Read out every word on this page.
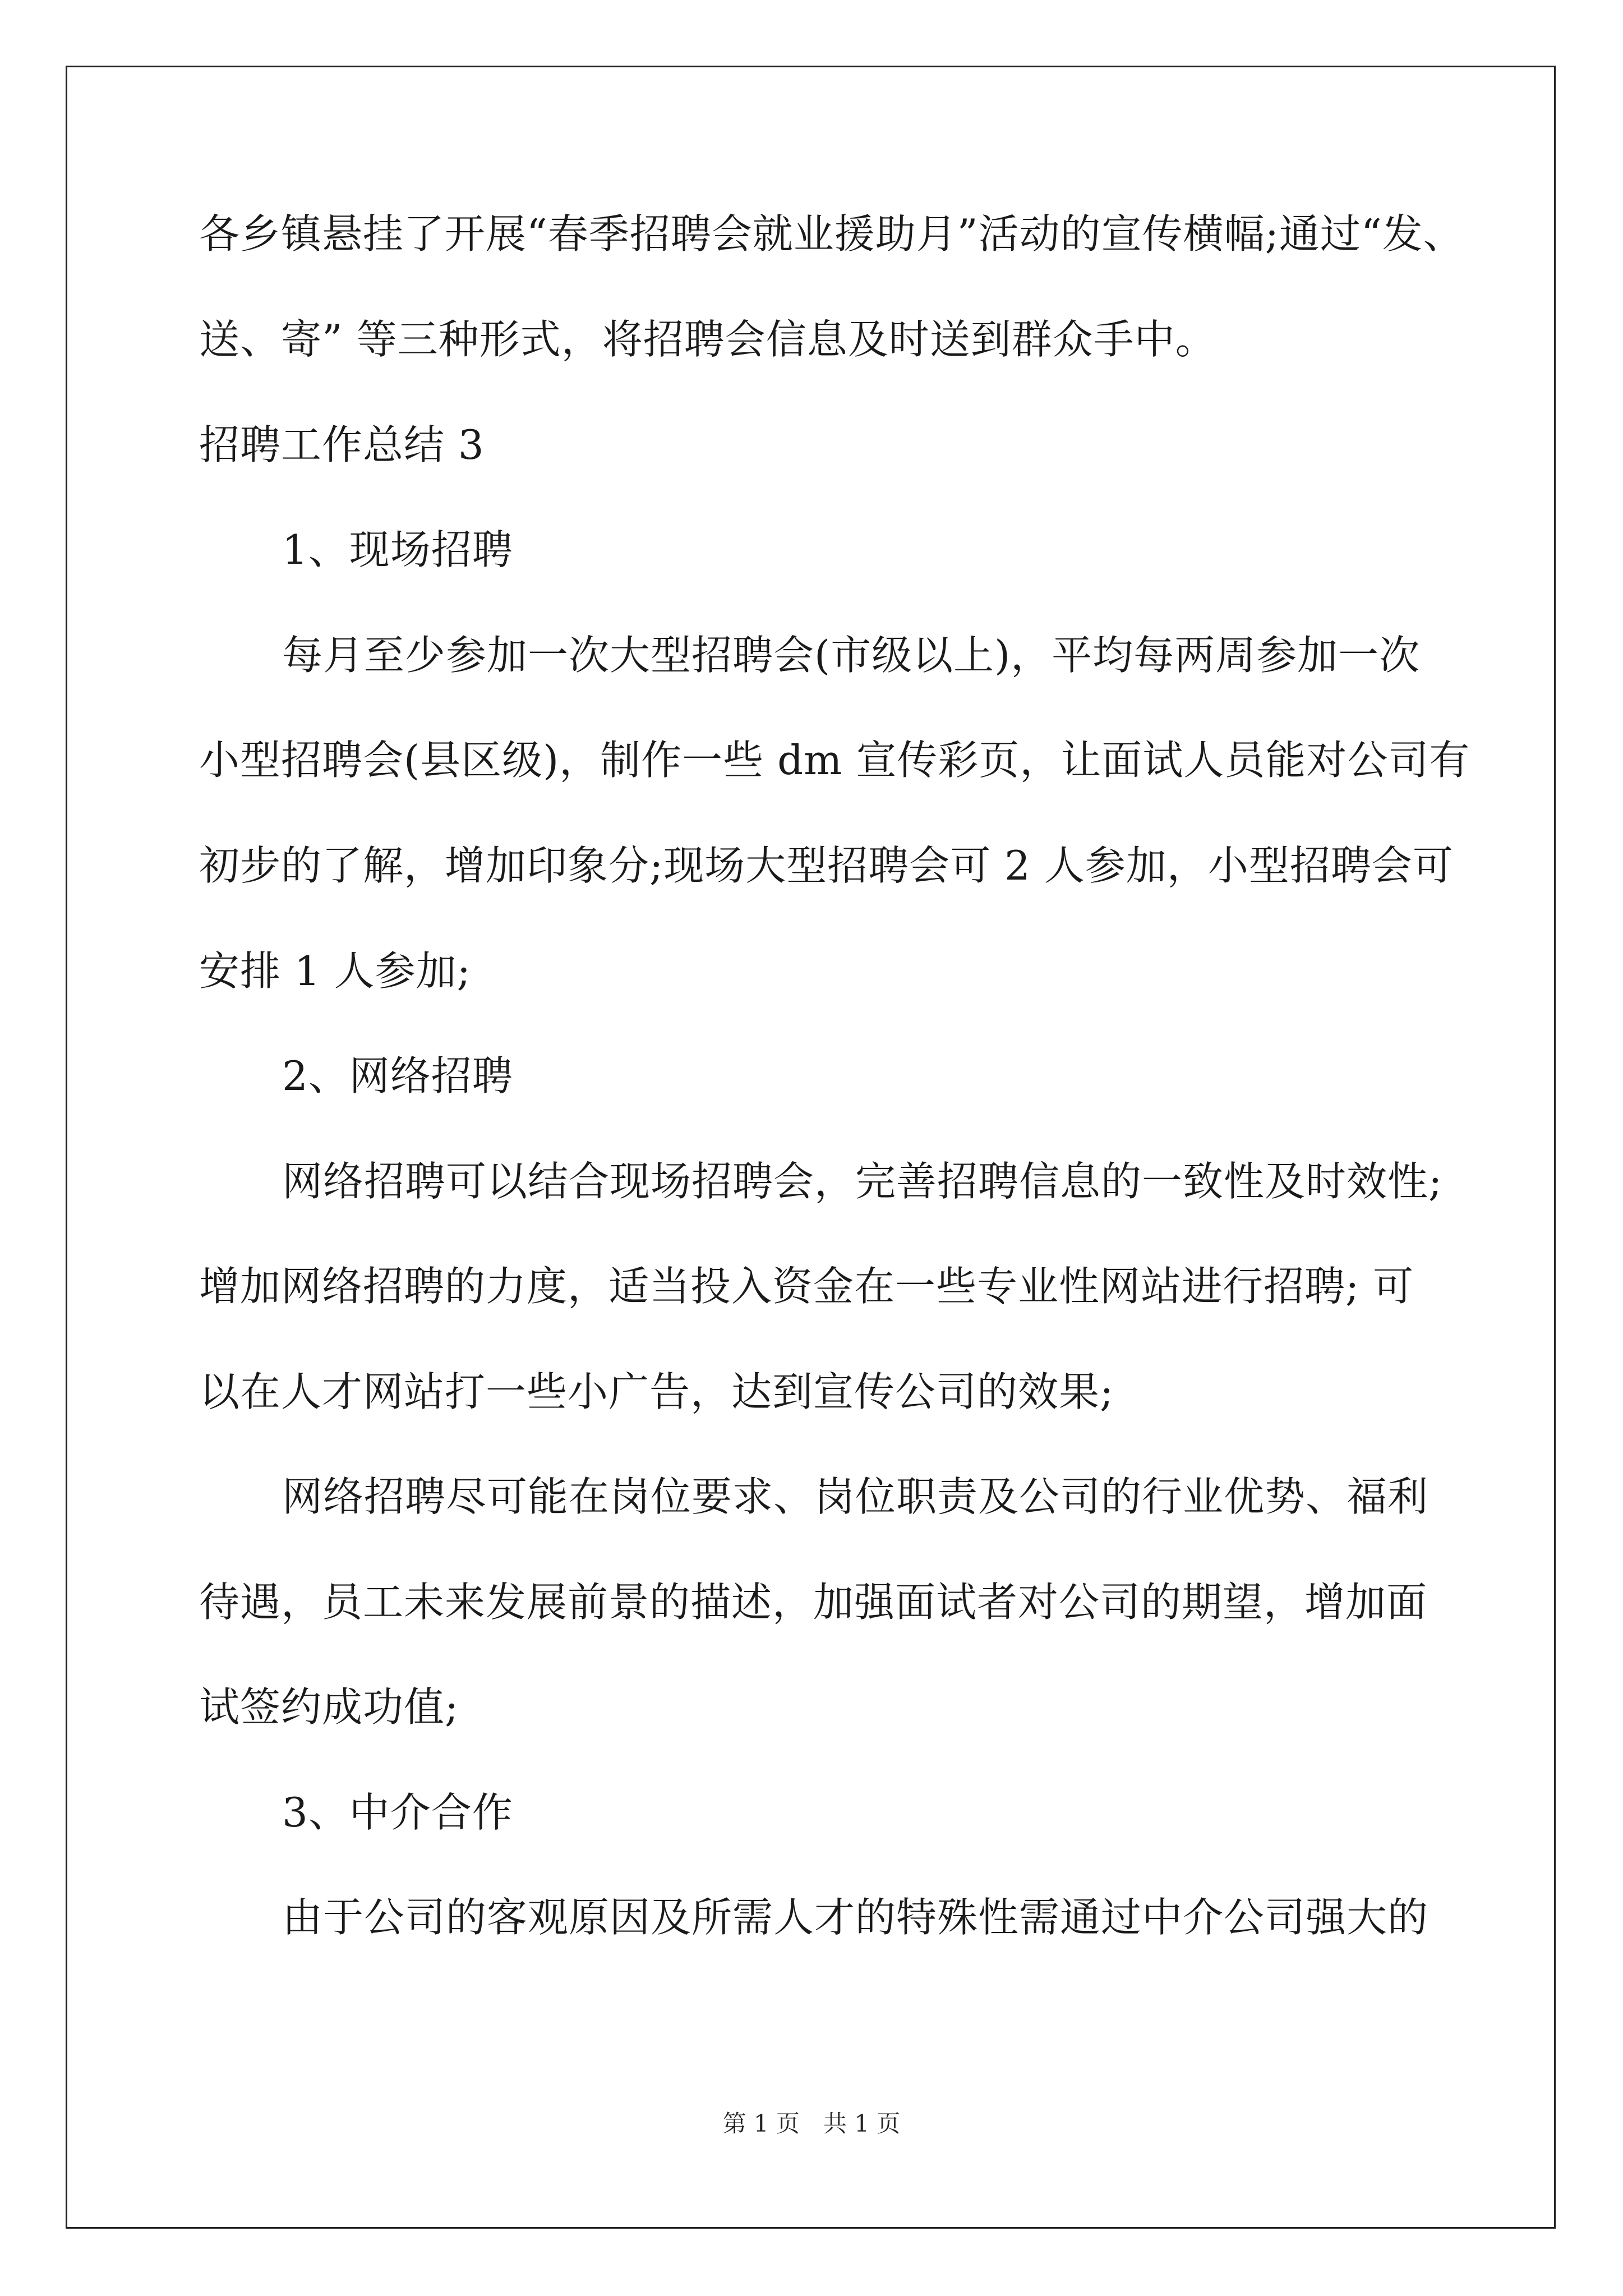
各乡镇悬挂了开展“春季招聘会就业援助月”活动的宣传横幅;通过“发、
送、寄” 等三种形式，将招聘会信息及时送到群众手中。
招聘工作总结 3
1、现场招聘
每月至少参加一次大型招聘会(市级以上)，平均每两周参加一次
小型招聘会(县区级)，制作一些 dm 宣传彩页，让面试人员能对公司有
初步的了解，增加印象分;现场大型招聘会可 2 人参加，小型招聘会可
安排 1 人参加;
2、网络招聘
网络招聘可以结合现场招聘会，完善招聘信息的一致性及时效性;
增加网络招聘的力度，适当投入资金在一些专业性网站进行招聘; 可
以在人才网站打一些小广告，达到宣传公司的效果;
网络招聘尽可能在岗位要求、岗位职责及公司的行业优势、福利
待遇，员工未来发展前景的描述，加强面试者对公司的期望，增加面
试签约成功值;
3、中介合作
由于公司的客观原因及所需人才的特殊性需通过中介公司强大的
第 1 页　共 1 页
